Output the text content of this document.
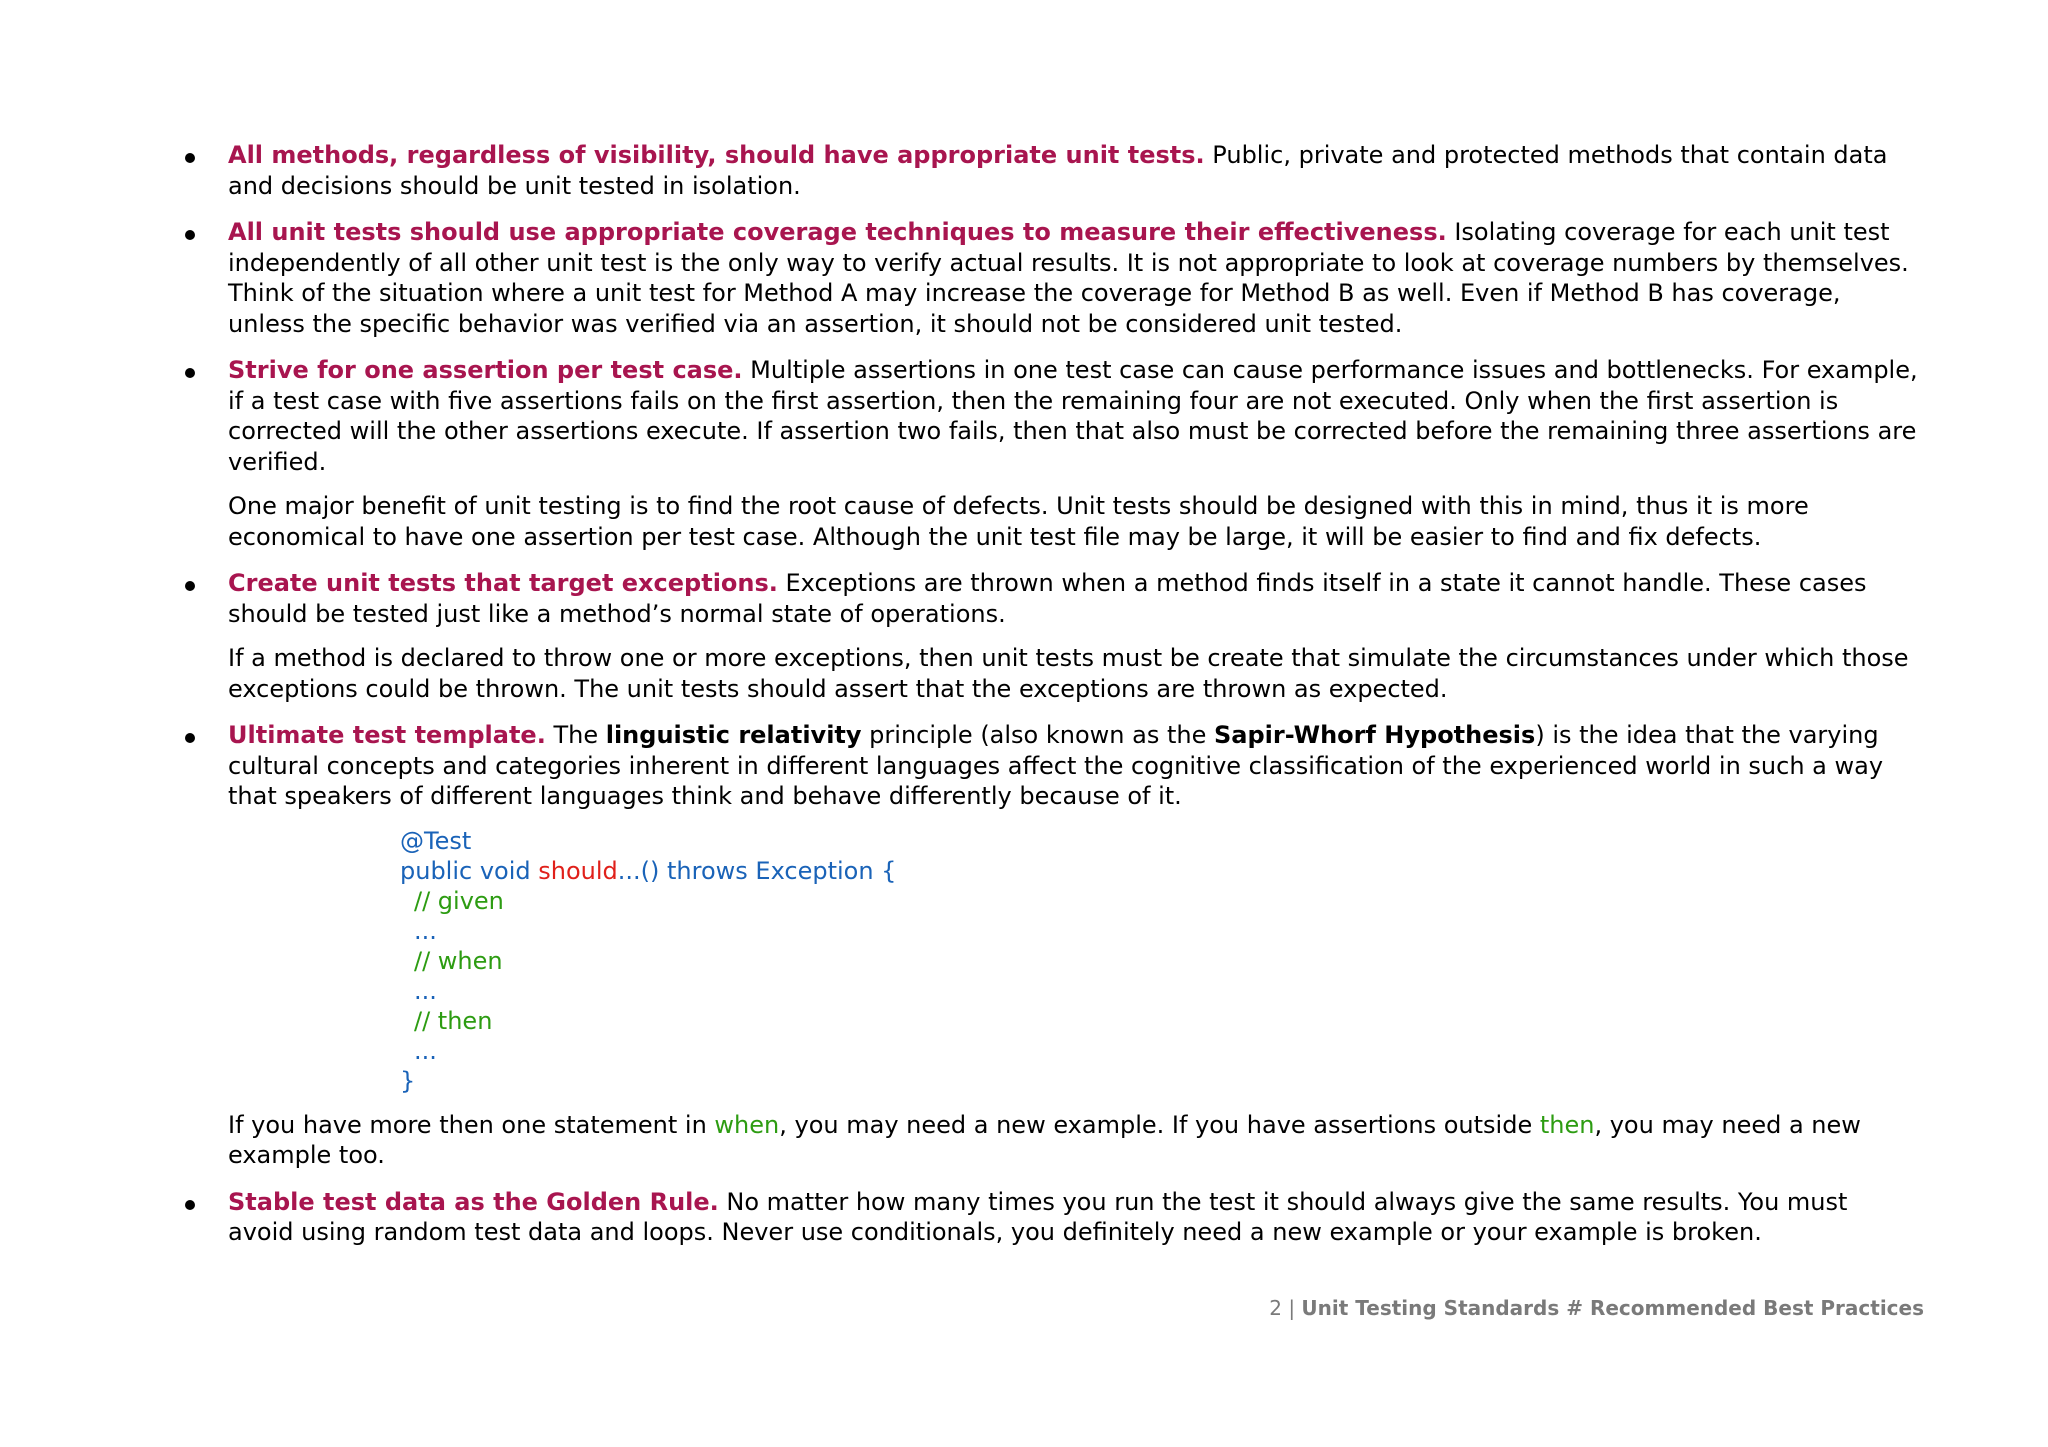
All methods, regardless of visibility, should have appropriate unit tests. Public, private and protected methods that contain data and decisions should be unit tested in isolation.
All unit tests should use appropriate coverage techniques to measure their effectiveness. Isolating coverage for each unit test independently of all other unit test is the only way to verify actual results. It is not appropriate to look at coverage numbers by themselves. Think of the situation where a unit test for Method A may increase the coverage for Method B as well. Even if Method B has coverage, unless the specific behavior was verified via an assertion, it should not be considered unit tested.
Strive for one assertion per test case. Multiple assertions in one test case can cause performance issues and bottlenecks. For example, if a test case with five assertions fails on the first assertion, then the remaining four are not executed. Only when the first assertion is corrected will the other assertions execute. If assertion two fails, then that also must be corrected before the remaining three assertions are verified.
One major benefit of unit testing is to find the root cause of defects. Unit tests should be designed with this in mind, thus it is more economical to have one assertion per test case. Although the unit test file may be large, it will be easier to find and fix defects.
Create unit tests that target exceptions. Exceptions are thrown when a method finds itself in a state it cannot handle. These cases should be tested just like a method’s normal state of operations.
If a method is declared to throw one or more exceptions, then unit tests must be create that simulate the circumstances under which those exceptions could be thrown. The unit tests should assert that the exceptions are thrown as expected.
Ultimate test template. The linguistic relativity principle (also known as the Sapir-Whorf Hypothesis) is the idea that the varying cultural concepts and categories inherent in different languages affect the cognitive classification of the experienced world in such a way that speakers of different languages think and behave differently because of it.
@Test
public void should...() throws Exception {
// given
...
// when
...
// then
...
}
If you have more then one statement in when, you may need a new example. If you have assertions outside then, you may need a new example too.
Stable test data as the Golden Rule. No matter how many times you run the test it should always give the same results. You must avoid using random test data and loops. Never use conditionals, you definitely need a new example or your example is broken.
2 | Unit Testing Standards # Recommended Best Practices
